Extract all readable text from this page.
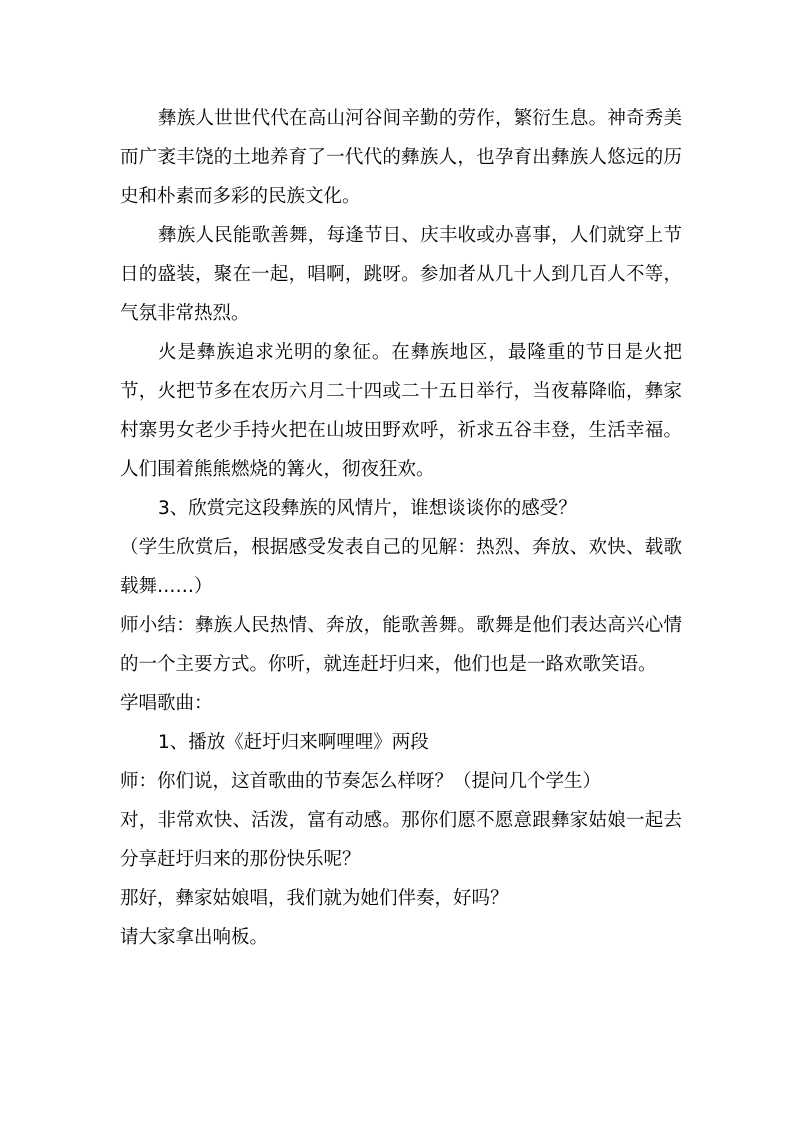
彝族人世世代代在高山河谷间辛勤的劳作，繁衍生息。神奇秀美而广袤丰饶的土地养育了一代代的彝族人，也孕育出彝族人悠远的历史和朴素而多彩的民族文化。

彝族人民能歌善舞，每逢节日、庆丰收或办喜事，人们就穿上节日的盛装，聚在一起，唱啊，跳呀。参加者从几十人到几百人不等，气氛非常热烈。

火是彝族追求光明的象征。在彝族地区，最隆重的节日是火把节，火把节多在农历六月二十四或二十五日举行，当夜幕降临，彝家村寨男女老少手持火把在山坡田野欢呼，祈求五谷丰登，生活幸福。人们围着熊熊燃烧的篝火，彻夜狂欢。

3、欣赏完这段彝族的风情片，谁想谈谈你的感受？

（学生欣赏后，根据感受发表自己的见解：热烈、奔放、欢快、载歌载舞……）

师小结：彝族人民热情、奔放，能歌善舞。歌舞是他们表达高兴心情的一个主要方式。你听，就连赶圩归来，他们也是一路欢歌笑语。

学唱歌曲：

1、播放《赶圩归来啊哩哩》两段

师：你们说，这首歌曲的节奏怎么样呀？（提问几个学生）

对，非常欢快、活泼，富有动感。那你们愿不愿意跟彝家姑娘一起去分享赶圩归来的那份快乐呢？

那好，彝家姑娘唱，我们就为她们伴奏，好吗？

请大家拿出响板。
